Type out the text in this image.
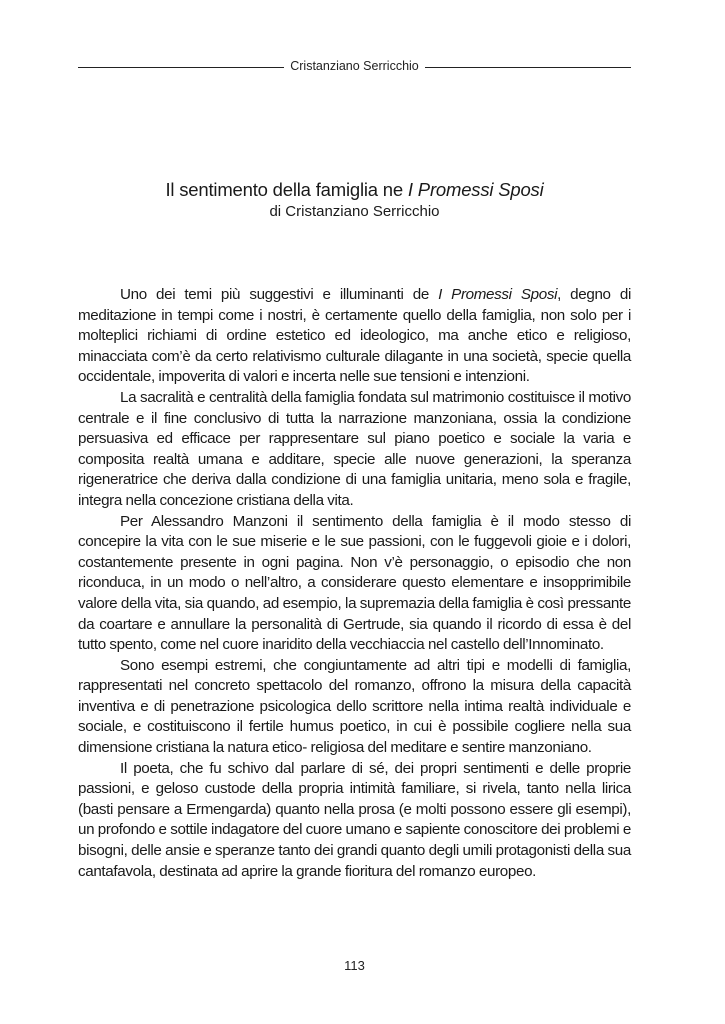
Cristanziano Serricchio
Il sentimento della famiglia ne I Promessi Sposi
di Cristanziano Serricchio

Uno dei temi più suggestivi e illuminanti de I Promessi Sposi, degno di meditazione in tempi come i nostri, è certamente quello della famiglia, non solo per i molteplici richiami di ordine estetico ed ideologico, ma anche etico e religioso, minacciata com’è da certo relativismo culturale dilagante in una società, specie quella occidentale, impoverita di valori e incerta nelle sue tensioni e intenzioni.

La sacralità e centralità della famiglia fondata sul matrimonio costituisce il motivo centrale e il fine conclusivo di tutta la narrazione manzoniana, ossia la condizione persuasiva ed efficace per rappresentare sul piano poetico e sociale la varia e composita realtà umana e additare, specie alle nuove generazioni, la speranza rigeneratrice che deriva dalla condizione di una famiglia unitaria, meno sola e fragile, integra nella concezione cristiana della vita.

Per Alessandro Manzoni il sentimento della famiglia è il modo stesso di concepire la vita con le sue miserie e le sue passioni, con le fuggevoli gioie e i dolori, costantemente presente in ogni pagina. Non v’è personaggio, o episodio che non riconduca, in un modo o nell’altro, a considerare questo elementare e insopprimibile valore della vita, sia quando, ad esempio, la supremazia della famiglia è così pressante da coartare e annullare la personalità di Gertrude, sia quando il ricordo di essa è del tutto spento, come nel cuore inaridito della vecchiaccia nel castello dell’Innominato.

Sono esempi estremi, che congiuntamente ad altri tipi e modelli di famiglia, rappresentati nel concreto spettacolo del romanzo, offrono la misura della capacità inventiva e di penetrazione psicologica dello scrittore nella intima realtà individuale e sociale, e costituiscono il fertile humus poetico, in cui è possibile cogliere nella sua dimensione cristiana la natura etico- religiosa del meditare e sentire manzoniano.

Il poeta, che fu schivo dal parlare di sé, dei propri sentimenti e delle proprie passioni, e geloso custode della propria intimità familiare, si rivela, tanto nella lirica (basti pensare a Ermengarda) quanto nella prosa (e molti possono essere gli esempi), un profondo e sottile indagatore del cuore umano e sapiente conoscitore dei problemi e bisogni, delle ansie e speranze tanto dei grandi quanto degli umili protagonisti della sua cantafavola, destinata ad aprire la grande fioritura del romanzo europeo.

113
